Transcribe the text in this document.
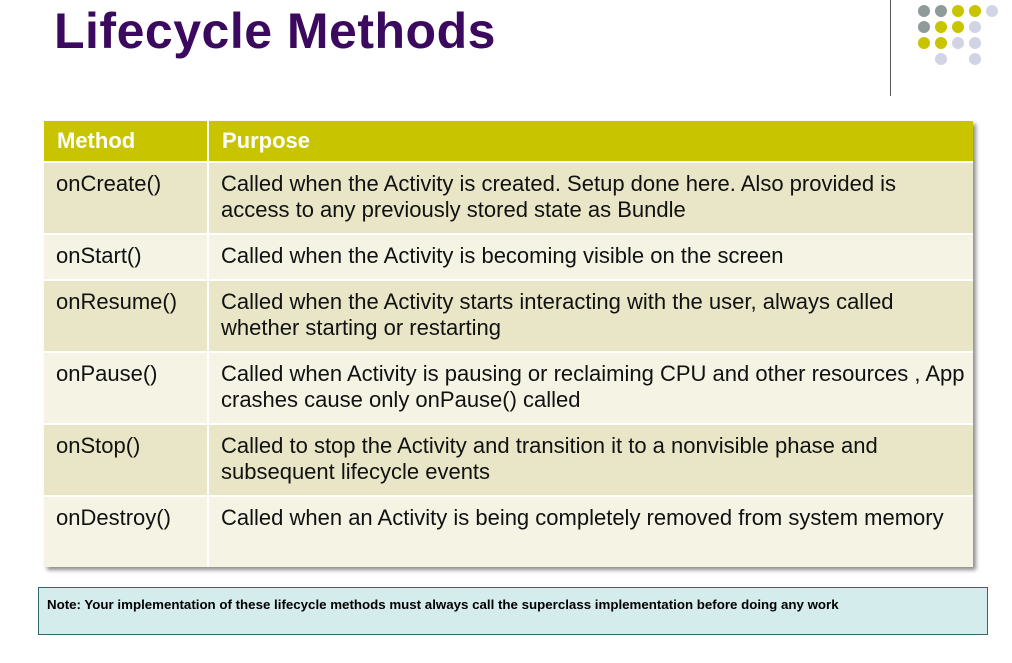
Lifecycle Methods
Method	Purpose
onCreate()	Called when the Activity is created. Setup done here. Also provided is access to any previously stored state as Bundle
onStart()	Called when the Activity is becoming visible on the screen
onResume()	Called when the Activity starts interacting with the user, always called whether starting or restarting
onPause()	Called when Activity is pausing or reclaiming CPU and other resources , App crashes cause only onPause() called
onStop()	Called to stop the Activity and transition it to a nonvisible phase and subsequent lifecycle events
onDestroy()	Called when an Activity is being completely removed from system memory
Note: Your implementation of these lifecycle methods must always call the superclass implementation before doing any work
